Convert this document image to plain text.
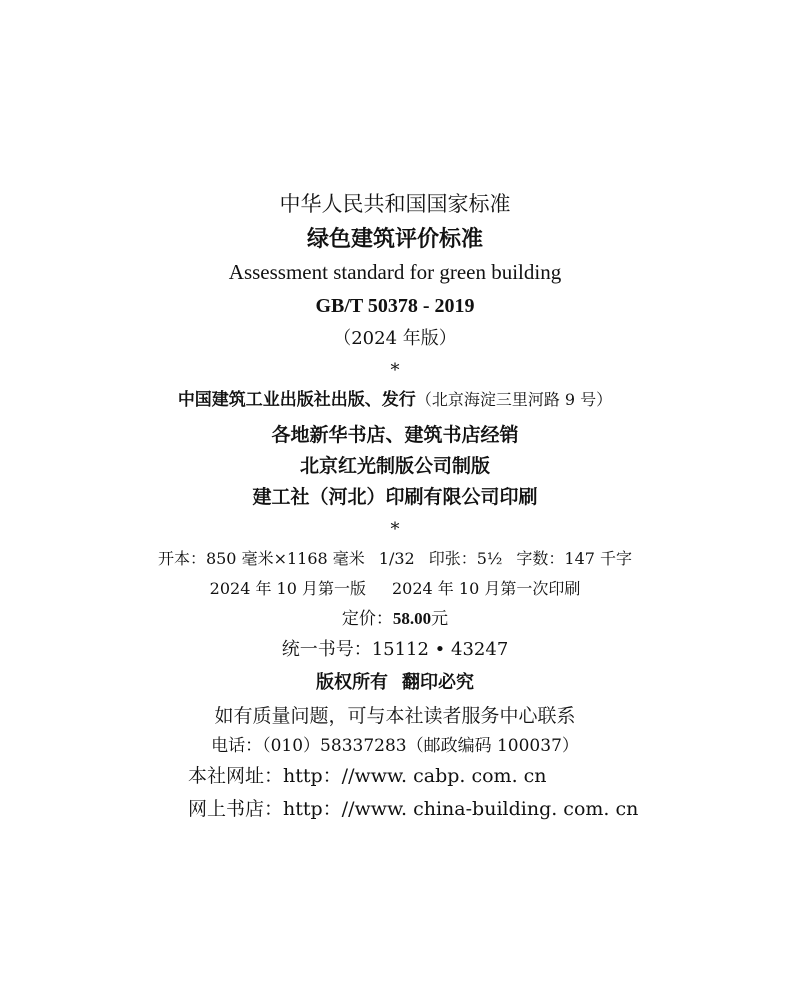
中华人民共和国国家标准
绿色建筑评价标准
Assessment standard for green building
GB/T 50378 - 2019
（2024 年版）
*
中国建筑工业出版社出版、发行（北京海淀三里河路 9 号）
各地新华书店、建筑书店经销
北京红光制版公司制版
建工社（河北）印刷有限公司印刷
*
开本：850 毫米×1168 毫米 1/32 印张：5½ 字数：147 千字
2024 年 10 月第一版 2024 年 10 月第一次印刷
定价：58.00元
统一书号：15112 • 43247
版权所有 翻印必究
如有质量问题，可与本社读者服务中心联系
电话：（010）58337283（邮政编码 100037）
本社网址：http：//www. cabp. com. cn
网上书店：http：//www. china-building. com. cn
